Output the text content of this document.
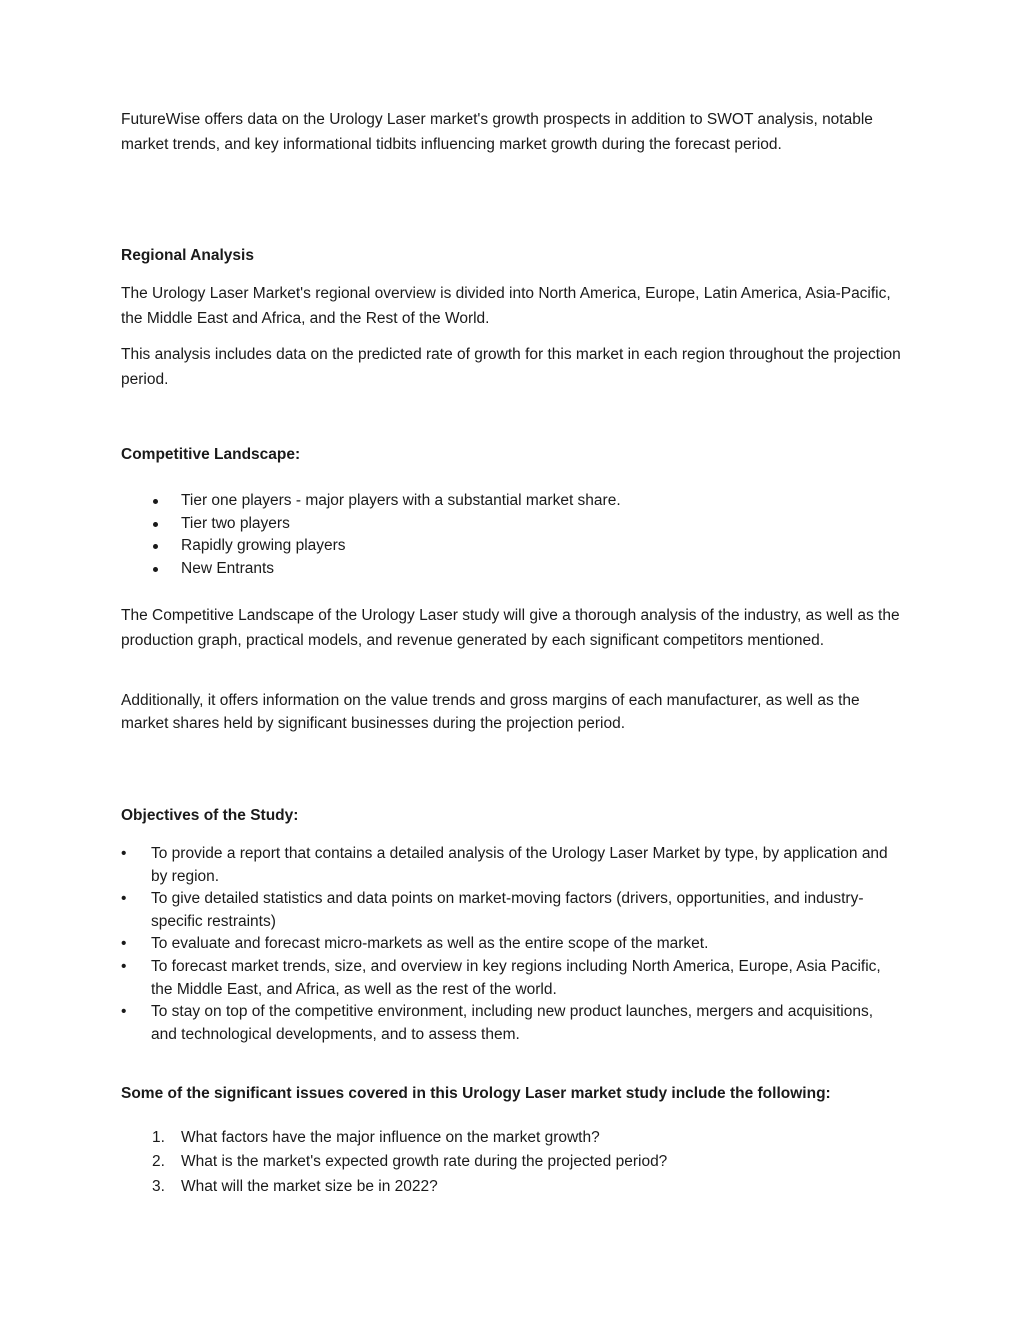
FutureWise offers data on the Urology Laser market's growth prospects in addition to SWOT analysis, notable market trends, and key informational tidbits influencing market growth during the forecast period.

Regional Analysis

The Urology Laser Market's regional overview is divided into North America, Europe, Latin America, Asia-Pacific, the Middle East and Africa, and the Rest of the World.

This analysis includes data on the predicted rate of growth for this market in each region throughout the projection period.

Competitive Landscape:
Tier one players - major players with a substantial market share.
Tier two players
Rapidly growing players
New Entrants

The Competitive Landscape of the Urology Laser study will give a thorough analysis of the industry, as well as the production graph, practical models, and revenue generated by each significant competitors mentioned.

Additionally, it offers information on the value trends and gross margins of each manufacturer, as well as the market shares held by significant businesses during the projection period.

Objectives of the Study:
• To provide a report that contains a detailed analysis of the Urology Laser Market by type, by application and by region.
• To give detailed statistics and data points on market-moving factors (drivers, opportunities, and industry-specific restraints)
• To evaluate and forecast micro-markets as well as the entire scope of the market.
• To forecast market trends, size, and overview in key regions including North America, Europe, Asia Pacific, the Middle East, and Africa, as well as the rest of the world.
• To stay on top of the competitive environment, including new product launches, mergers and acquisitions, and technological developments, and to assess them.
Some of the significant issues covered in this Urology Laser market study include the following:
1. What factors have the major influence on the market growth?
2. What is the market's expected growth rate during the projected period?
3. What will the market size be in 2022?
